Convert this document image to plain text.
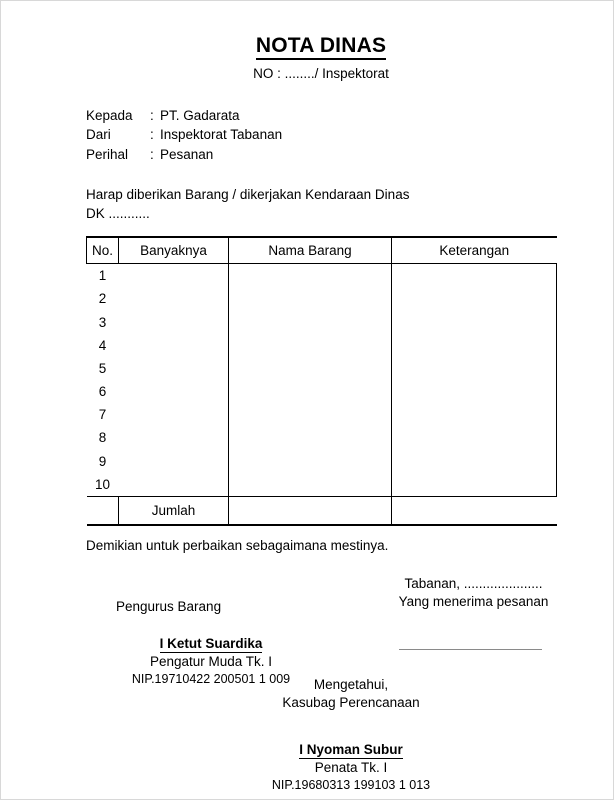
NOTA DINAS
NO : ......../ Inspektorat
Kepada	: PT. Gadarata
Dari	: Inspektorat Tabanan
Perihal	: Pesanan
Harap diberikan Barang / dikerjakan Kendaraan Dinas
DK ...........
No.	Banyaknya	Nama Barang	Keterangan
1			
2			
3			
4			
5			
6			
7			
8			
9			
10			
	Jumlah		
Demikian untuk perbaikan sebagaimana mestinya.
Pengurus Barang
Tabanan, .....................
Yang menerima pesanan
I Ketut Suardika
Pengatur Muda Tk. I
NIP.19710422 200501 1 009	Mengetahui,
Kasubag Perencanaan
I Nyoman Subur
Penata Tk. I
NIP.19680313 199103 1 013
